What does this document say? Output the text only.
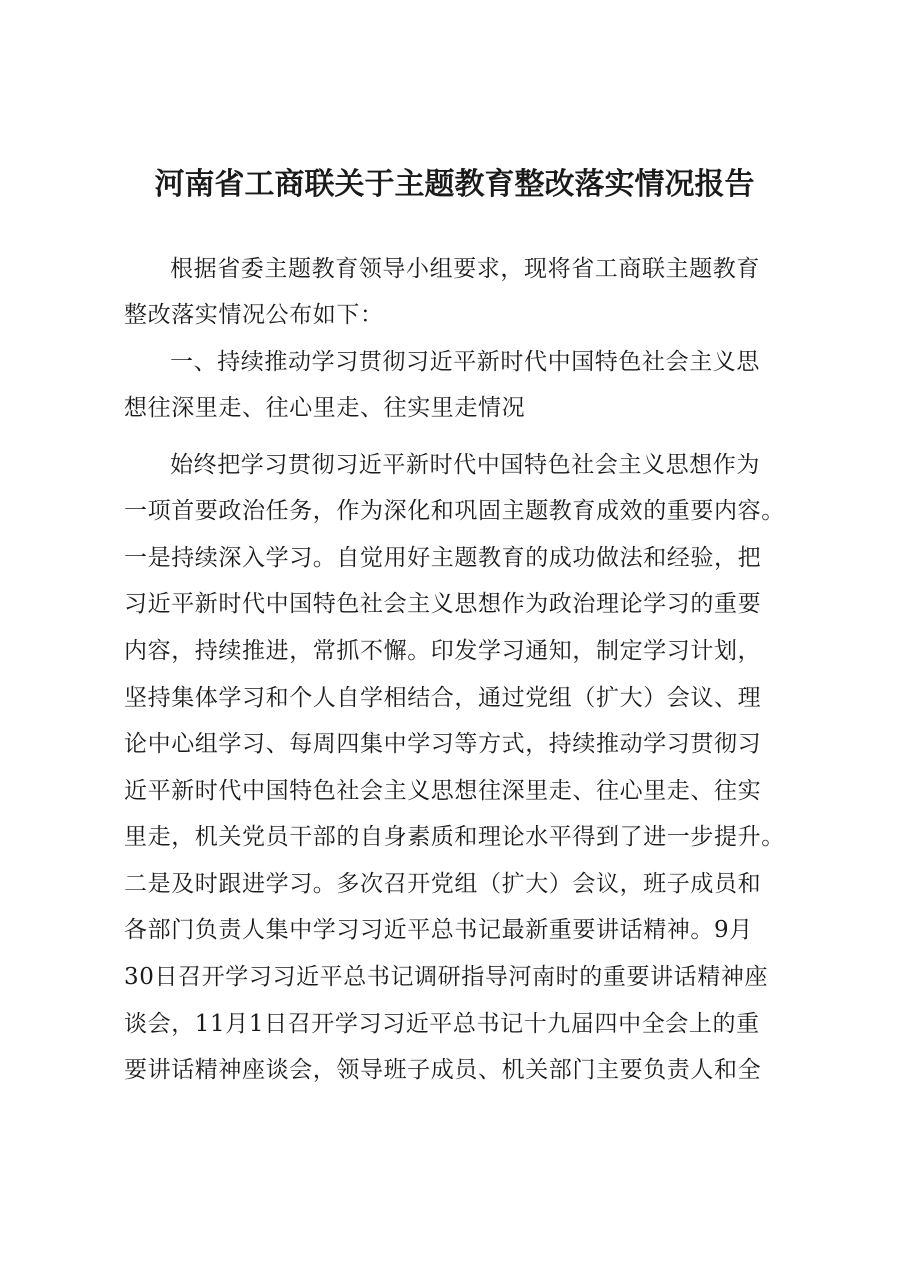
河南省工商联关于主题教育整改落实情况报告
根据省委主题教育领导小组要求，现将省工商联主题教育
整改落实情况公布如下：
一、持续推动学习贯彻习近平新时代中国特色社会主义思
想往深里走、往心里走、往实里走情况
始终把学习贯彻习近平新时代中国特色社会主义思想作为
一项首要政治任务，作为深化和巩固主题教育成效的重要内容。
一是持续深入学习。自觉用好主题教育的成功做法和经验，把
习近平新时代中国特色社会主义思想作为政治理论学习的重要
内容，持续推进，常抓不懈。印发学习通知，制定学习计划，
坚持集体学习和个人自学相结合，通过党组（扩大）会议、理
论中心组学习、每周四集中学习等方式，持续推动学习贯彻习
近平新时代中国特色社会主义思想往深里走、往心里走、往实
里走，机关党员干部的自身素质和理论水平得到了进一步提升。
二是及时跟进学习。多次召开党组（扩大）会议，班子成员和
各部门负责人集中学习习近平总书记最新重要讲话精神。9月
30日召开学习习近平总书记调研指导河南时的重要讲话精神座
谈会，11月1日召开学习习近平总书记十九届四中全会上的重
要讲话精神座谈会，领导班子成员、机关部门主要负责人和全
